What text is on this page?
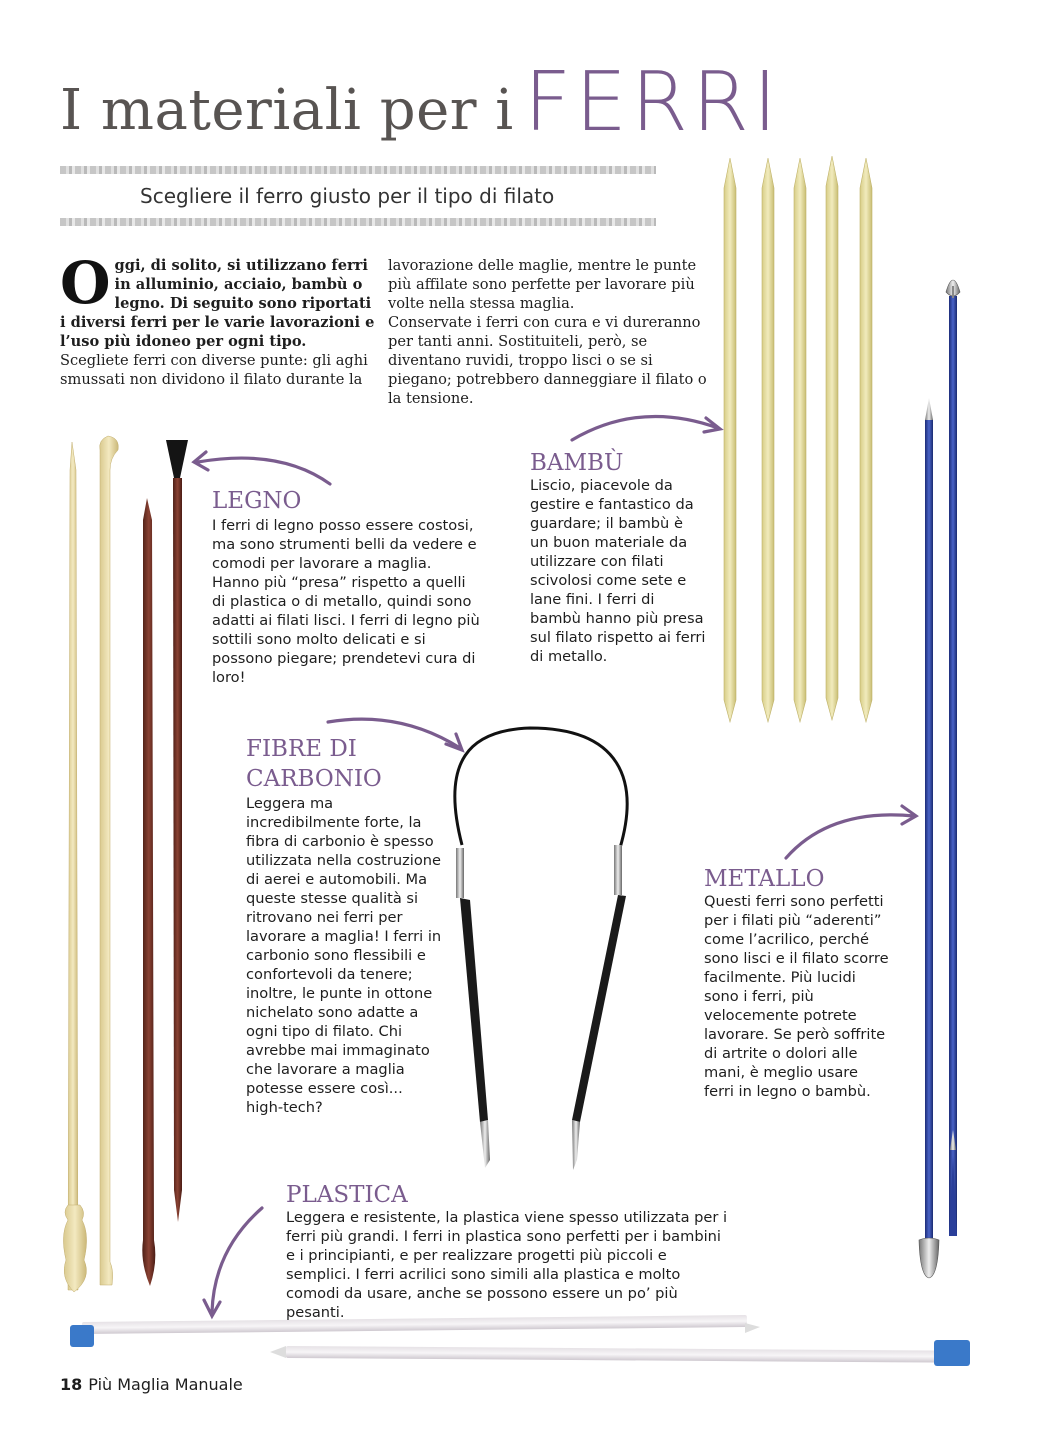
I materiali per i FERRI
Scegliere il ferro giusto per il tipo di filato
Oggi, di solito, si utilizzano ferri in alluminio, acciaio, bambù o legno. Di seguito sono riportati i diversi ferri per le varie lavorazioni e l’uso più idoneo per ogni tipo. Scegliete ferri con diverse punte: gli aghi smussati non dividono il filato durante la
lavorazione delle maglie, mentre le punte più affilate sono perfette per lavorare più volte nella stessa maglia.
Conservate i ferri con cura e vi dureranno per tanti anni. Sostituiteli, però, se diventano ruvidi, troppo lisci o se si piegano; potrebbero danneggiare il filato o la tensione.
LEGNO
I ferri di legno posso essere costosi, ma sono strumenti belli da vedere e comodi per lavorare a maglia. Hanno più “presa” rispetto a quelli di plastica o di metallo, quindi sono adatti ai filati lisci. I ferri di legno più sottili sono molto delicati e si possono piegare; prendetevi cura di loro!
BAMBÙ
Liscio, piacevole da gestire e fantastico da guardare; il bambù è un buon materiale da utilizzare con filati scivolosi come sete e lane fini. I ferri di bambù hanno più presa sul filato rispetto ai ferri di metallo.
FIBRE DI
CARBONIO
Leggera ma incredibilmente forte, la fibra di carbonio è spesso utilizzata nella costruzione di aerei e automobili. Ma queste stesse qualità si ritrovano nei ferri per lavorare a maglia! I ferri in carbonio sono flessibili e confortevoli da tenere; inoltre, le punte in ottone nichelato sono adatte a ogni tipo di filato. Chi avrebbe mai immaginato che lavorare a maglia potesse essere così... high-tech?
METALLO
Questi ferri sono perfetti per i filati più “aderenti” come l’acrilico, perché sono lisci e il filato scorre facilmente. Più lucidi sono i ferri, più velocemente potrete lavorare. Se però soffrite di artrite o dolori alle mani, è meglio usare ferri in legno o bambù.
PLASTICA
Leggera e resistente, la plastica viene spesso utilizzata per i ferri più grandi. I ferri in plastica sono perfetti per i bambini e i principianti, e per realizzare progetti più piccoli e semplici. I ferri acrilici sono simili alla plastica e molto comodi da usare, anche se possono essere un po’ più pesanti.
18 Più Maglia Manuale
